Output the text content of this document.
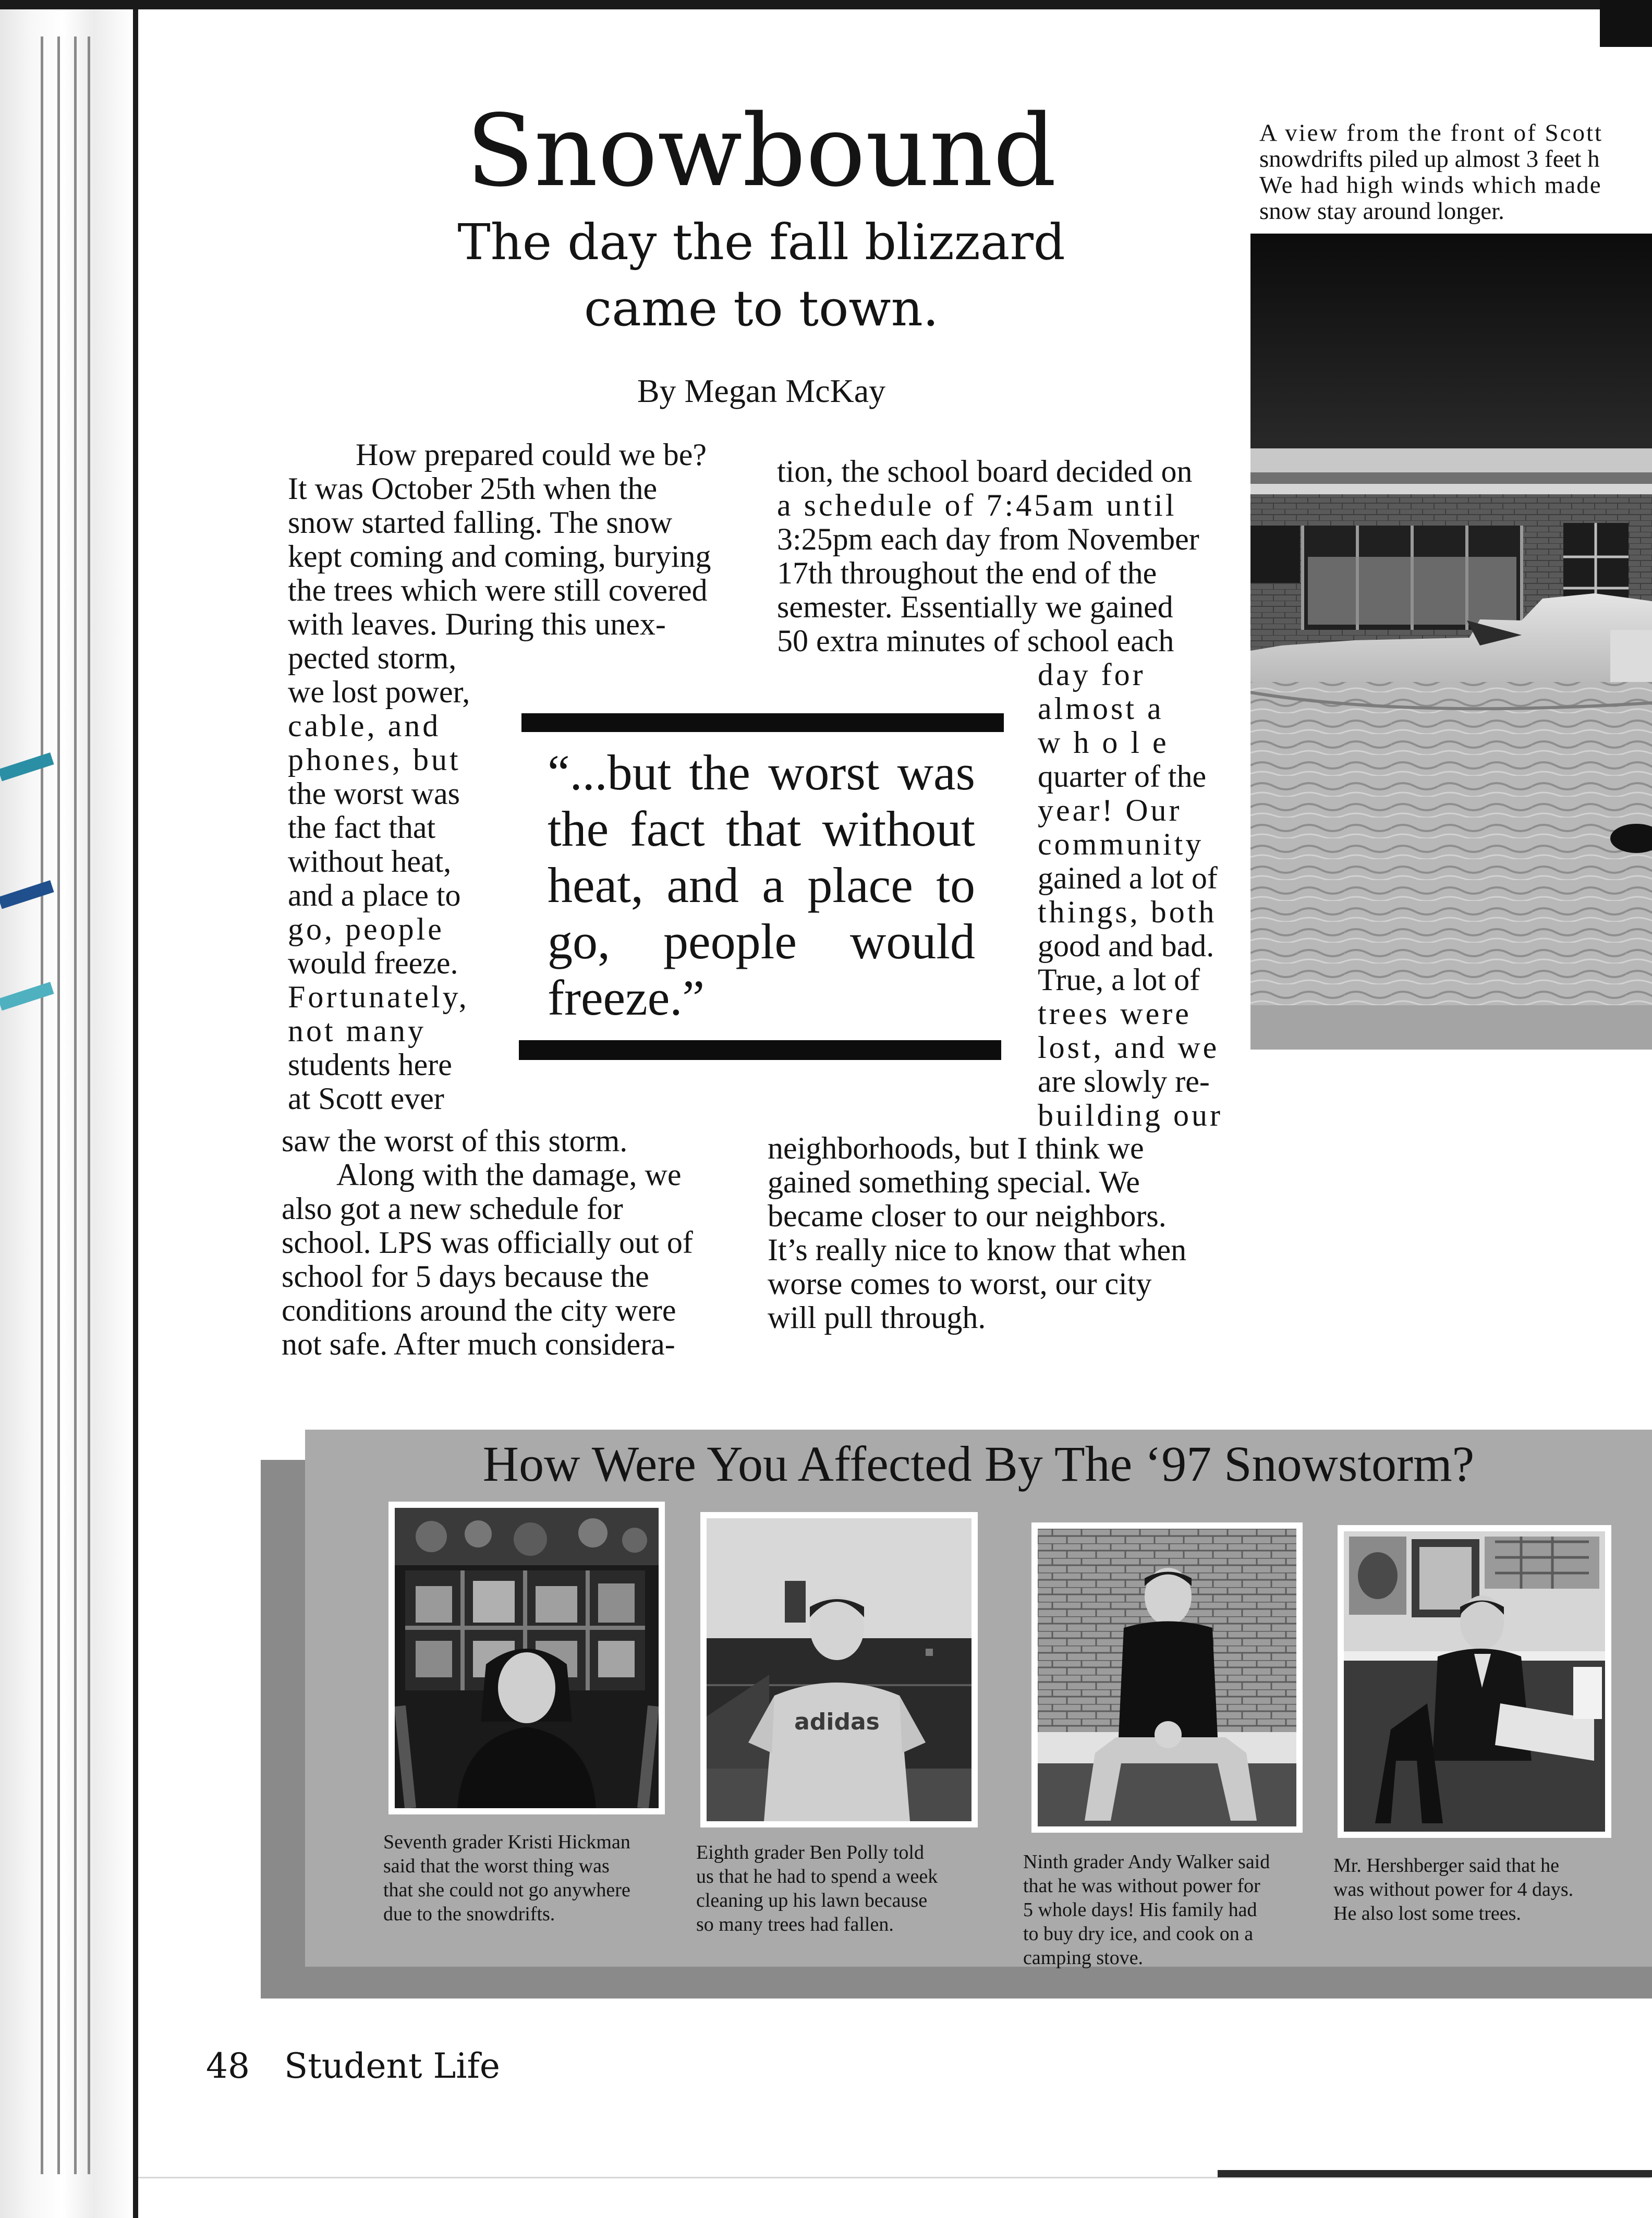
Snowbound
The day the fall blizzard
came to town.
By Megan McKay

How prepared could we be?

It was October 25th when the

snow started falling. The snow

kept coming and coming, burying

the trees which were still covered

with leaves. During this unex-

pected storm,

we lost power,

cable, and

phones, but

the worst was

the fact that

without heat,

and a place to

go, people

would freeze.

Fortunately,

not many

students here

at Scott ever

saw the worst of this storm.

Along with the damage, we

also got a new schedule for

school. LPS was officially out of

school for 5 days because the

conditions around the city were

not safe. After much considera-

tion, the school board decided on

a schedule of 7:45am until

3:25pm each day from November

17th throughout the end of the

semester. Essentially we gained

50 extra minutes of school each

day for

almost a

w h o l e

quarter of the

year! Our

community

gained a lot of

things, both

good and bad.

True, a lot of

trees were

lost, and we

are slowly re-

building our

neighborhoods, but I think we

gained something special. We

became closer to our neighbors.

It’s really nice to know that when

worse comes to worst, our city

will pull through.

“...but the worst was
the fact that without
heat, and a place to
go, people would
freeze.”
A view from the front of Scott
snowdrifts piled up almost 3 feet h
We had high winds which made
snow stay around longer.
How Were You Affected By The ‘97 Snowstorm?

Seventh grader Kristi Hickman

said that the worst thing was

that she could not go anywhere

due to the snowdrifts.

adidas

Eighth grader Ben Polly told

us that he had to spend a week

cleaning up his lawn because

so many trees had fallen.

Ninth grader Andy Walker said

that he was without power for

5 whole days! His family had

to buy dry ice, and cook on a

camping stove.

Mr. Hershberger said that he

was without power for 4 days.

He also lost some trees.

48 Student Life
